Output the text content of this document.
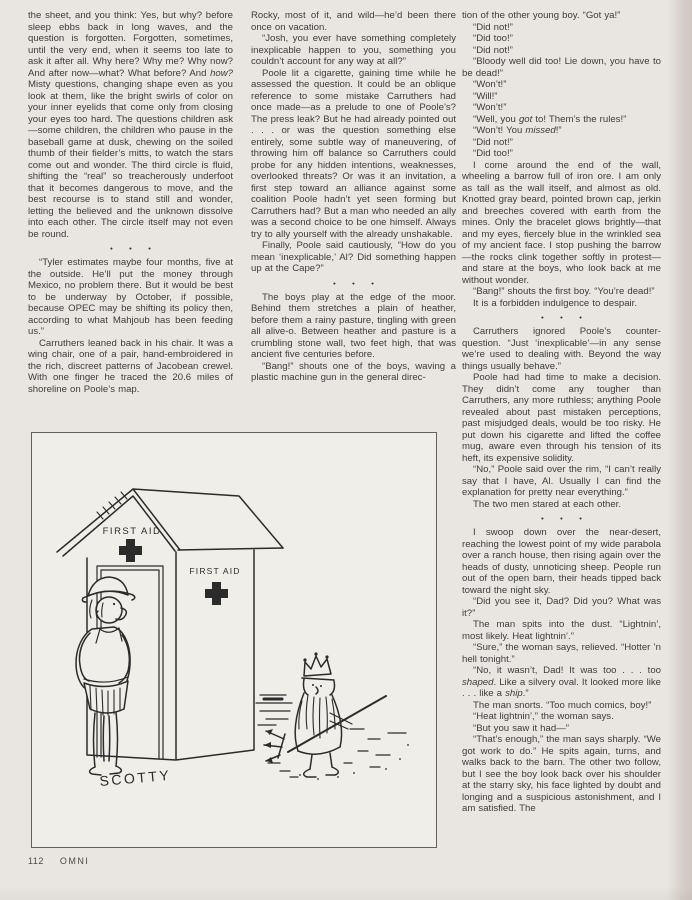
the sheet, and you think: Yes, but why? before sleep ebbs back in long waves, and the question is forgotten. Forgotten, sometimes, until the very end, when it seems too late to ask it after all. Why here? Why me? Why now? And after now—what? What before? And how? Misty questions, changing shape even as you look at them, like the bright swirls of color on your inner eyelids that come only from closing your eyes too hard. The questions children ask—some children, the children who pause in the baseball game at dusk, chewing on the soiled thumb of their fielder’s mitts, to watch the stars come out and wonder. The third circle is fluid, shifting the “real” so treacherously underfoot that it becomes dangerous to move, and the best recourse is to stand still and wonder, letting the believed and the unknown dissolve into each other. The circle itself may not even be round.

• • •

“Tyler estimates maybe four months, five at the outside. He’ll put the money through Mexico, no problem there. But it would be best to be underway by October, if possible, because OPEC may be shifting its policy then, according to what Mahjoub has been feeding us.”

Carruthers leaned back in his chair. It was a wing chair, one of a pair, hand-embroidered in the rich, discreet patterns of Jacobean crewel. With one finger he traced the 20.6 miles of shoreline on Poole’s map.

Rocky, most of it, and wild—he’d been there once on vacation.

“Josh, you ever have something completely inexplicable happen to you, something you couldn’t account for any way at all?”

Poole lit a cigarette, gaining time while he assessed the question. It could be an oblique reference to some mistake Carruthers had once made—as a prelude to one of Poole’s? The press leak? But he had already pointed out . . . or was the question something else entirely, some subtle way of maneuvering, of throwing him off balance so Carruthers could probe for any hidden intentions, weaknesses, overlooked threats? Or was it an invitation, a first step toward an alliance against some coalition Poole hadn’t yet seen forming but Carruthers had? But a man who needed an ally was a second choice to be one himself. Always try to ally yourself with the already unshakable.

Finally, Poole said cautiously, “How do you mean ‘inexplicable,’ Al? Did something happen up at the Cape?”

• • •

The boys play at the edge of the moor. Behind them stretches a plain of heather, before them a rainy pasture, tingling with green all alive-o. Between heather and pasture is a crumbling stone wall, two feet high, that was ancient five centuries before.

“Bang!” shouts one of the boys, waving a plastic machine gun in the general direc-

tion of the other young boy. “Got ya!”

“Did not!”

“Did too!”

“Did not!”

“Bloody well did too! Lie down, you have to be dead!”

“Won’t!”

“Will!”

“Won’t!”

“Well, you got to! Them’s the rules!”

“Won’t! You missed!”

“Did not!”

“Did too!”

I come around the end of the wall, wheeling a barrow full of iron ore. I am only as tall as the wall itself, and almost as old. Knotted gray beard, pointed brown cap, jerkin and breeches covered with earth from the mines. Only the bracelet glows brightly—that and my eyes, fiercely blue in the wrinkled sea of my ancient face. I stop pushing the barrow—the rocks clink together softly in protest—and stare at the boys, who look back at me without wonder.

“Bang!” shouts the first boy. “You’re dead!”

It is a forbidden indulgence to despair.

• • •

Carruthers ignored Poole’s counter-question. “Just ‘inexplicable’—in any sense we’re used to dealing with. Beyond the way things usually behave.”

Poole had had time to make a decision. They didn’t come any tougher than Carruthers, any more ruthless; anything Poole revealed about past mistaken perceptions, past misjudged deals, would be too risky. He put down his cigarette and lifted the coffee mug, aware even through his tension of its heft, its expensive solidity.

“No,” Poole said over the rim, “I can’t really say that I have, Al. Usually I can find the explanation for pretty near everything.”

The two men stared at each other.

• • •

I swoop down over the near-desert, reaching the lowest point of my wide parabola over a ranch house, then rising again over the heads of dusty, unnoticing sheep. People run out of the open barn, their heads tipped back toward the night sky.

“Did you see it, Dad? Did you? What was it?”

The man spits into the dust. “Lightnin’, most likely. Heat lightnin’.”

“Sure,” the woman says, relieved. “Hotter ’n hell tonight.”

“No, it wasn’t, Dad! It was too . . . too shaped. Like a silvery oval. It looked more like . . . like a ship.”

The man snorts. “Too much comics, boy!”

“Heat lightnin’,” the woman says.

“But you saw it had—”

“That’s enough,” the man says sharply. “We got work to do.” He spits again, turns, and walks back to the barn. The other two follow, but I see the boy look back over his shoulder at the starry sky, his face lighted by doubt and longing and a suspicious astonishment, and I am satisfied. The

FIRST AID
FIRST AID
SCOTTY
112 OMNI
